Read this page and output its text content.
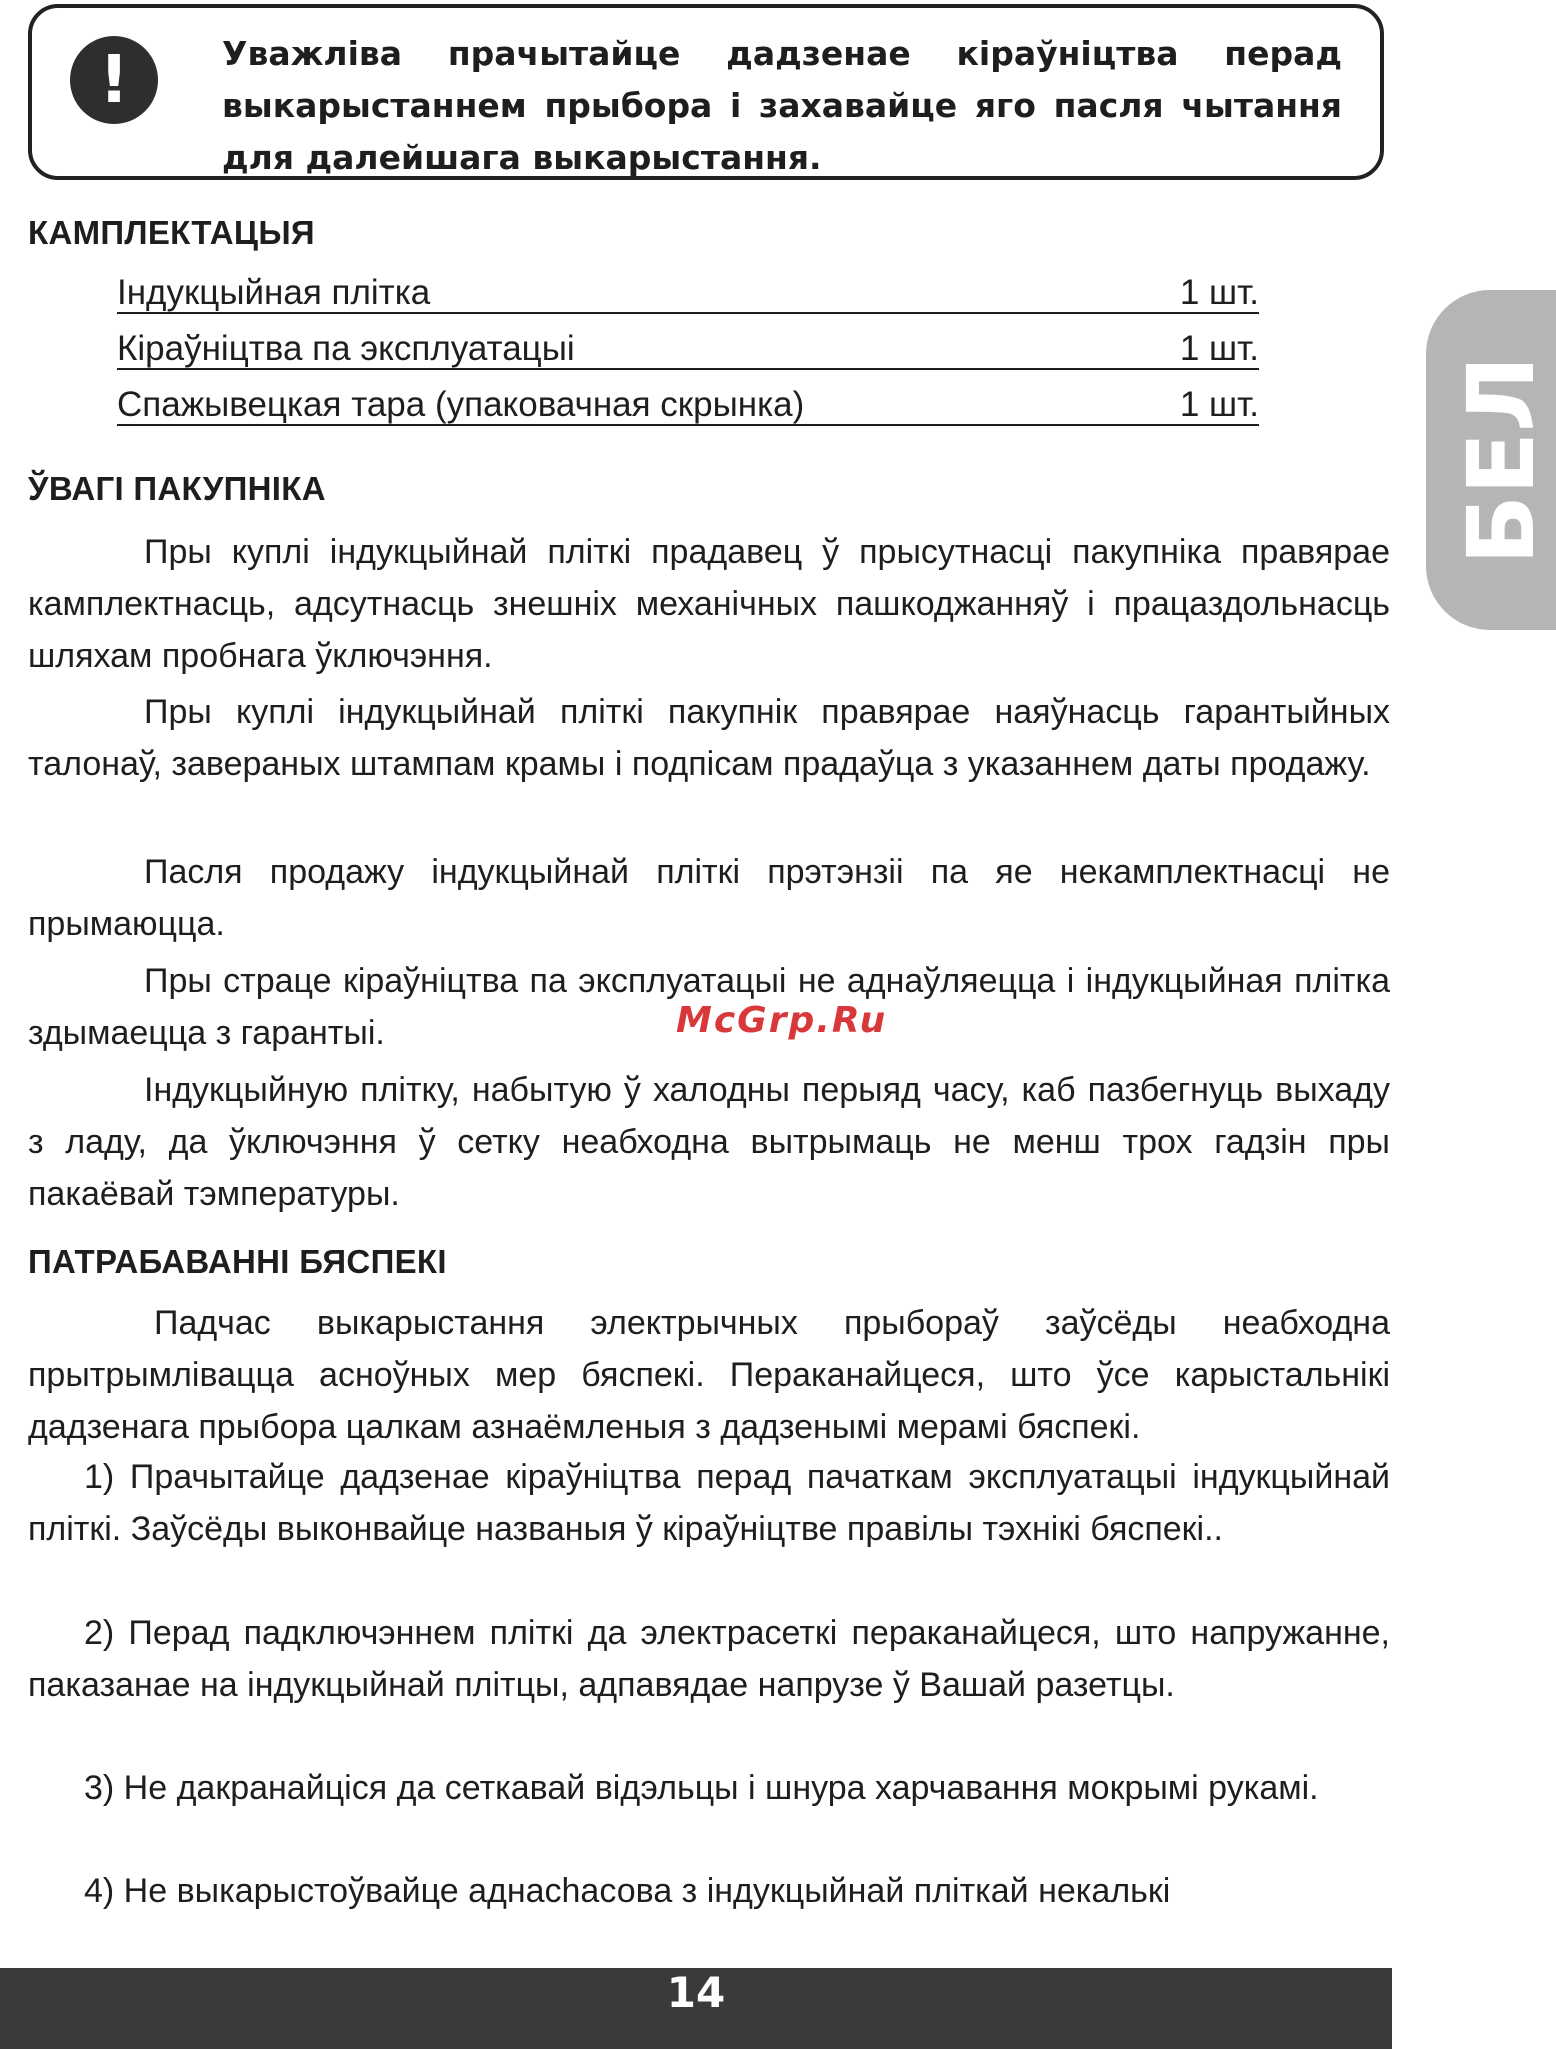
!	Уважліва прачытайце дадзенае кіраўніцтва перад выкарыстаннем прыбора і захавайце яго пасля чытання для далейшага выкарыстання.
КАМПЛЕКТАЦЫЯ
Індукцыйная плітка	1 шт.
Кіраўніцтва па эксплуатацыі	1 шт.
Спажывецкая тара (упаковачная скрынка)	1 шт.
ЎВАГІ ПАКУПНІКА

Пры куплі індукцыйнай пліткі прадавец ў прысутнасці пакупніка правярае камплектнасць, адсутнасць знешніх механічных пашкоджанняў і працаздольнасць шляхам пробнага ўключэння.

Пры куплі індукцыйнай пліткі пакупнік правярае наяўнасць гарантыйных талонаў, завераных штампам крамы і подпісам прадаўца з указаннем даты продажу.

Пасля продажу індукцыйнай пліткі прэтэнзіі па яе некамплектнасці не прымаюцца.

Пры страце кіраўніцтва па эксплуатацыі не аднаўляецца і індукцыйная плітка здымаецца з гарантыі.

Індукцыйную плітку, набытую ў халодны перыяд часу, каб пазбегнуць выхаду з ладу, да ўключэння ў сетку неабходна вытрымаць не менш трох гадзін пры пакаёвай тэмпературы.

ПАТРАБАВАННІ БЯСПЕКІ

Падчас выкарыстання электрычных прыбораў заўсёды неабходна прытрымлівацца асноўных мер бяспекі. Пераканайцеся, што ўсе карыстальнікі дадзенага прыбора цалкам азнаёмленыя з дадзенымі мерамі бяспекі.

1) Прачытайце дадзенае кіраўніцтва перад пачаткам эксплуатацыі індукцыйнай пліткі. Заўсёды выконвайце названыя ў кіраўніцтве правілы тэхнікі бяспекі..

2) Перад падключэннем пліткі да электрасеткі пераканайцеся, што напружанне, паказанае на індукцыйнай плітцы, адпавядае напрузе ў Вашай разетцы.

3) Не дакранайціся да сеткавай відэльцы і шнура харчавання мокрымі рукамі.

4) Не выкарыстоўвайце аднachасова з індукцыйнай пліткай некалькі

БЕЛ
McGrp.Ru
14
